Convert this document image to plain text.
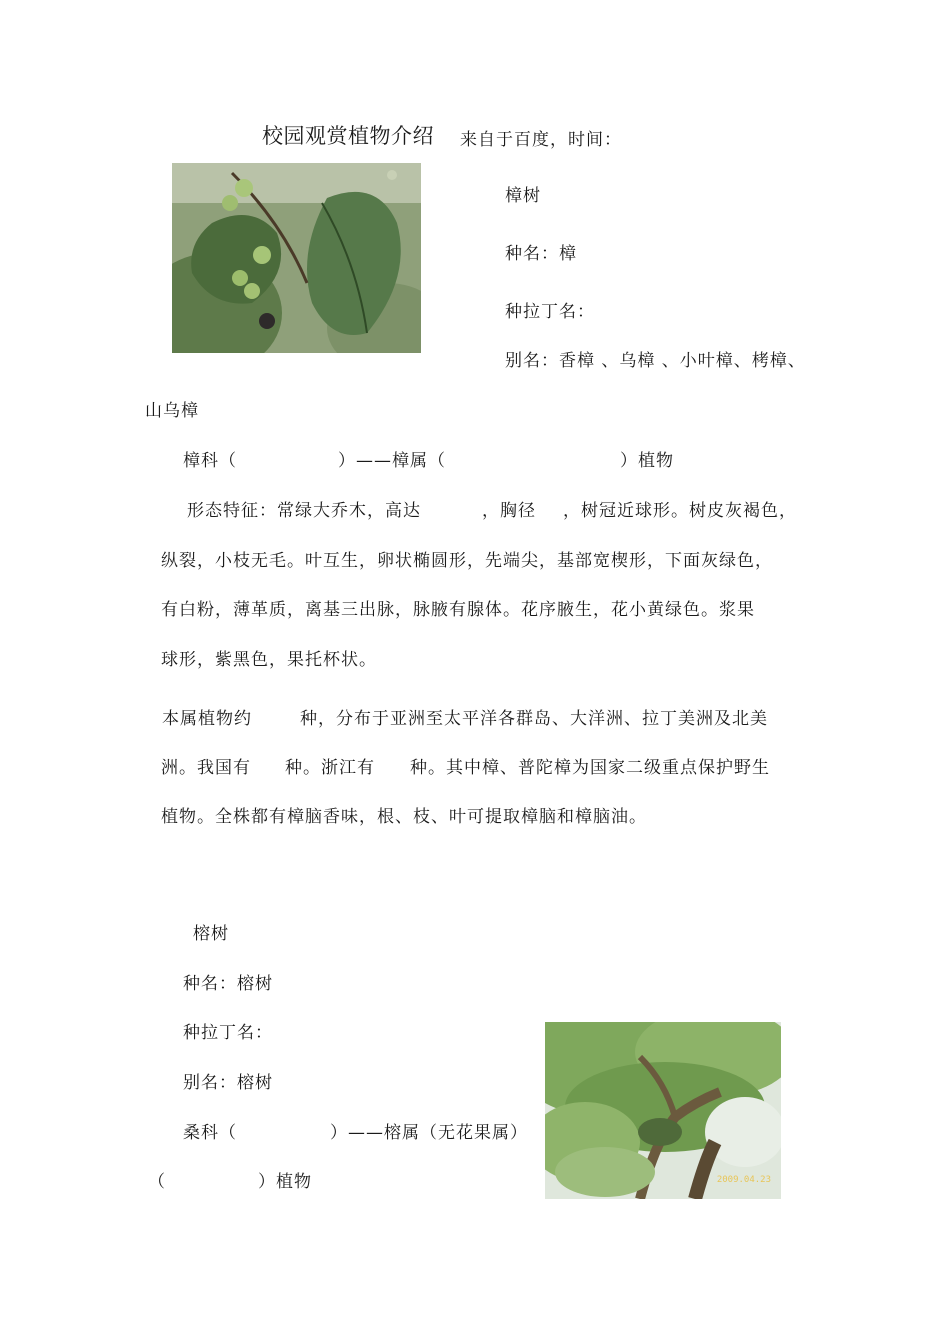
校园观赏植物介绍 来自于百度，时间：
樟树
种名：樟
种拉丁名：
别名：香樟 、乌樟 、小叶樟、栲樟、
山乌樟
樟科（	）——樟属（	）植物
形态特征：常绿大乔木，高达	，胸径 ，树冠近球形。树皮灰褐色，
纵裂，小枝无毛。叶互生，卵状椭圆形，先端尖，基部宽楔形，下面灰绿色，
有白粉，薄革质，离基三出脉，脉腋有腺体。花序腋生，花小黄绿色。浆果
球形，紫黑色，果托杯状。
本属植物约	种，分布于亚洲至太平洋各群岛、大洋洲、拉丁美洲及北美
洲。我国有 种。浙江有 种。其中樟、普陀樟为国家二级重点保护野生
植物。全株都有樟脑香味，根、枝、叶可提取樟脑和樟脑油。
榕树
种名：榕树
种拉丁名：
别名：榕树
桑科（	）——榕属（无花果属）
（	）植物	2009.04.23
